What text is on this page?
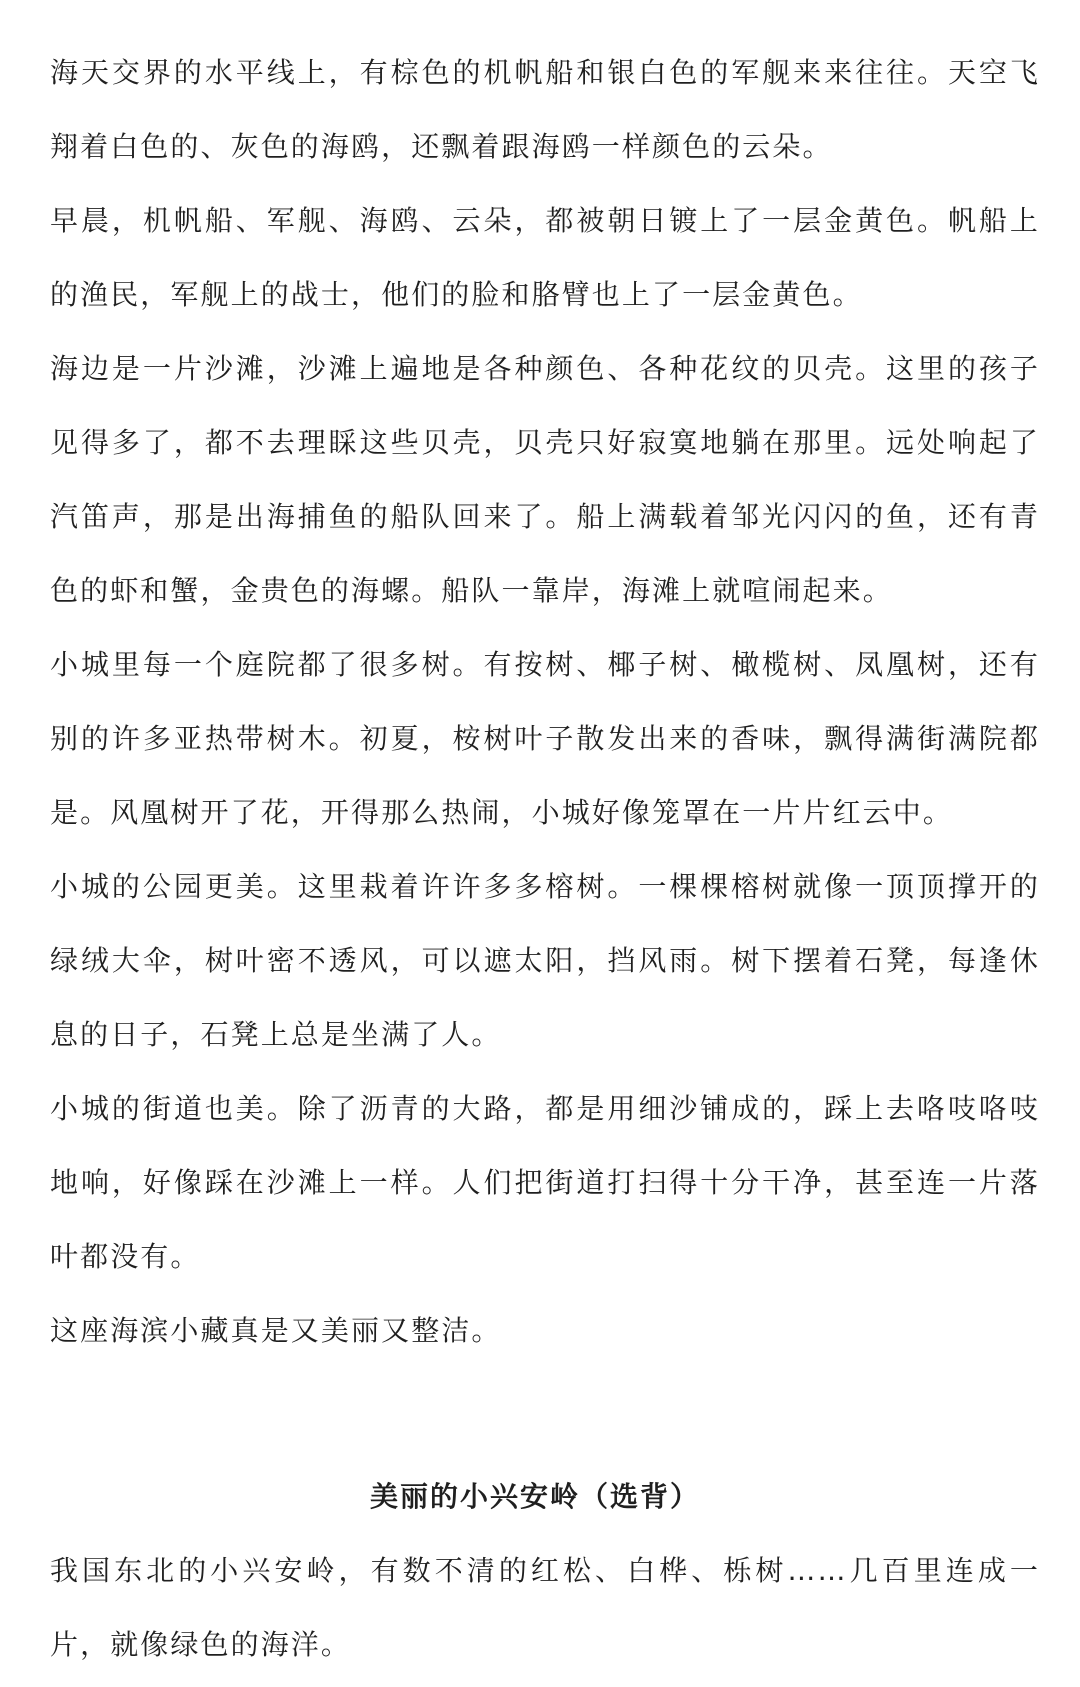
海天交界的水平线上，有棕色的机帆船和银白色的军舰来来往往。天空飞翔着白色的、灰色的海鸥，还飘着跟海鸥一样颜色的云朵。

早晨，机帆船、军舰、海鸥、云朵，都被朝日镀上了一层金黄色。帆船上的渔民，军舰上的战士，他们的脸和胳臂也上了一层金黄色。

海边是一片沙滩，沙滩上遍地是各种颜色、各种花纹的贝壳。这里的孩子见得多了，都不去理睬这些贝壳，贝壳只好寂寞地躺在那里。远处响起了汽笛声，那是出海捕鱼的船队回来了。船上满载着邹光闪闪的鱼，还有青色的虾和蟹，金贵色的海螺。船队一靠岸，海滩上就喧闹起来。

小城里每一个庭院都了很多树。有按树、椰子树、橄榄树、凤凰树，还有别的许多亚热带树木。初夏，桉树叶子散发出来的香味，飘得满街满院都是。风凰树开了花，开得那么热闹，小城好像笼罩在一片片红云中。

小城的公园更美。这里栽着许许多多榕树。一棵棵榕树就像一顶顶撑开的绿绒大伞，树叶密不透风，可以遮太阳，挡风雨。树下摆着石凳，每逢休息的日子，石凳上总是坐满了人。

小城的街道也美。除了沥青的大路，都是用细沙铺成的，踩上去咯吱咯吱地响，好像踩在沙滩上一样。人们把街道打扫得十分干净，甚至连一片落叶都没有。

这座海滨小藏真是又美丽又整洁。

美丽的小兴安岭（选背）

我国东北的小兴安岭，有数不清的红松、白桦、栎树……几百里连成一片，就像绿色的海洋。
